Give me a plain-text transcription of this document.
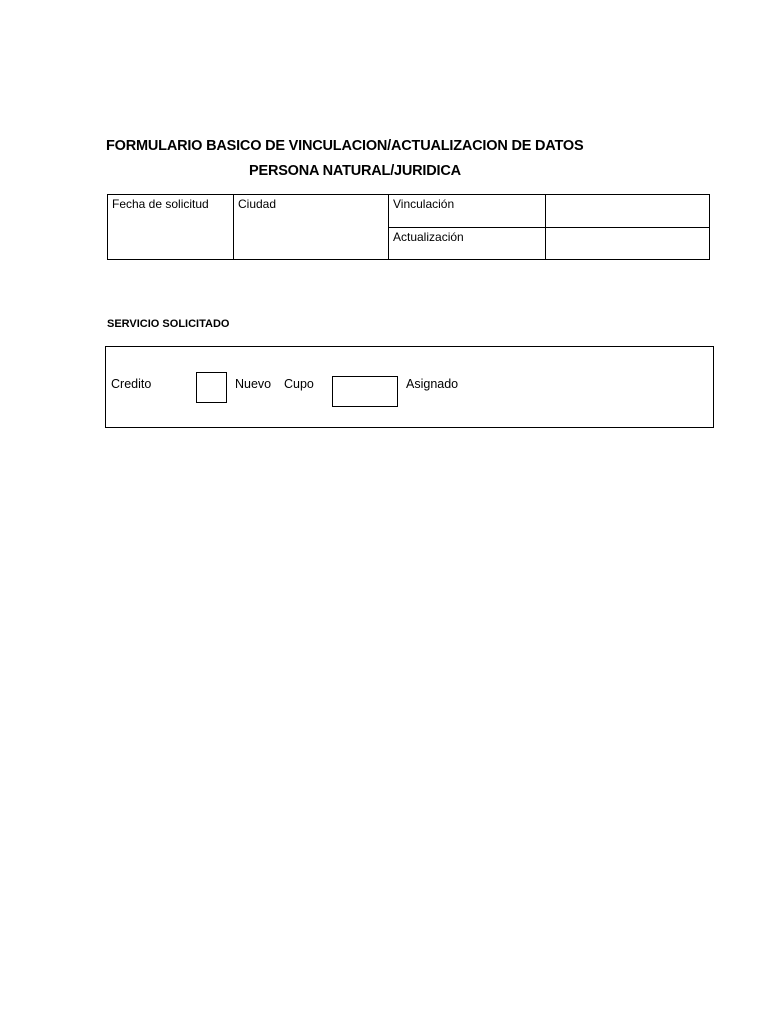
FORMULARIO BASICO DE VINCULACION/ACTUALIZACION DE DATOS
PERSONA NATURAL/JURIDICA
Fecha de solicitud	Ciudad	Vinculación	
		Actualización	
SERVICIO SOLICITADO
Credito	Nuevo Cupo	Asignado
